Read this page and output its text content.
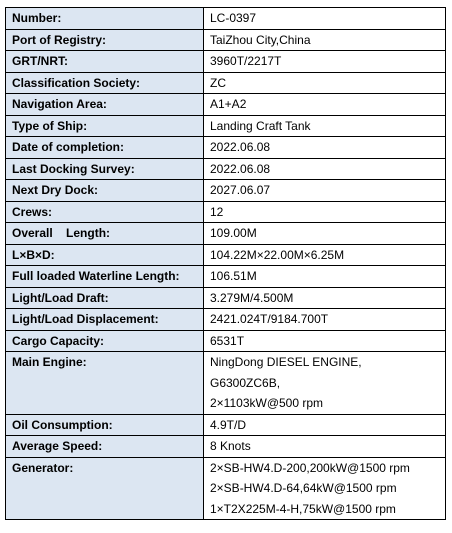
Number:	LC-0397

Port of Registry:	TaiZhou City,China

GRT/NRT:	3960T/2217T

Classification Society:	ZC

Navigation Area:	A1+A2

Type of Ship:	Landing Craft Tank

Date of completion:	2022.06.08

Last Docking Survey:	2022.06.08

Next Dry Dock:	2027.06.07

Crews:	12

Overall    Length:	109.00M

L×B×D:	104.22M×22.00M×6.25M

Full loaded Waterline Length:	106.51M

Light/Load Draft:	3.279M/4.500M

Light/Load Displacement:	2421.024T/9184.700T

Cargo Capacity:	6531T

Main Engine:	NingDong DIESEL ENGINE,
G6300ZC6B,
2×1103kW@500 rpm

Oil Consumption:	4.9T/D

Average Speed:	8 Knots

Generator:	2×SB-HW4.D-200,200kW@1500 rpm
2×SB-HW4.D-64,64kW@1500 rpm
1×T2X225M-4-H,75kW@1500 rpm
